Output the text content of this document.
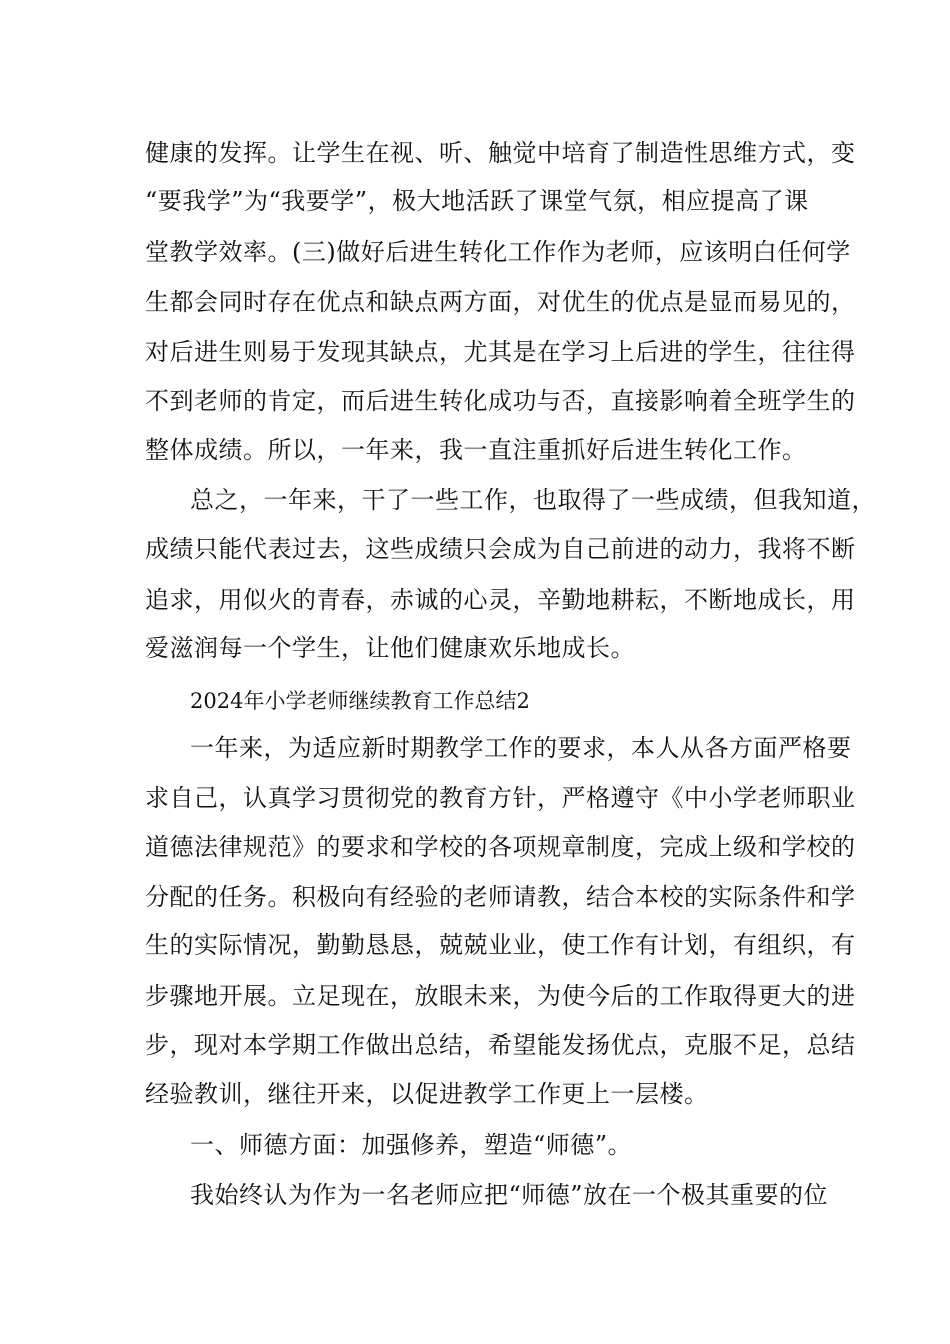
健康的发挥。让学生在视、听、触觉中培育了制造性思维方式，变
“要我学”为“我要学”，极大地活跃了课堂气氛，相应提高了课
堂教学效率。(三)做好后进生转化工作作为老师，应该明白任何学
生都会同时存在优点和缺点两方面，对优生的优点是显而易见的，
对后进生则易于发现其缺点，尤其是在学习上后进的学生，往往得
不到老师的肯定，而后进生转化成功与否，直接影响着全班学生的
整体成绩。所以，一年来，我一直注重抓好后进生转化工作。
总之，一年来，干了一些工作，也取得了一些成绩，但我知道，
成绩只能代表过去，这些成绩只会成为自己前进的动力，我将不断
追求，用似火的青春，赤诚的心灵，辛勤地耕耘，不断地成长，用
爱滋润每一个学生，让他们健康欢乐地成长。
2024年小学老师继续教育工作总结2
一年来，为适应新时期教学工作的要求，本人从各方面严格要
求自己，认真学习贯彻党的教育方针，严格遵守《中小学老师职业
道德法律规范》的要求和学校的各项规章制度，完成上级和学校的
分配的任务。积极向有经验的老师请教，结合本校的实际条件和学
生的实际情况，勤勤恳恳，兢兢业业，使工作有计划，有组织，有
步骤地开展。立足现在，放眼未来，为使今后的工作取得更大的进
步，现对本学期工作做出总结，希望能发扬优点，克服不足，总结
经验教训，继往开来，以促进教学工作更上一层楼。
一、师德方面：加强修养，塑造“师德”。
我始终认为作为一名老师应把“师德”放在一个极其重要的位
